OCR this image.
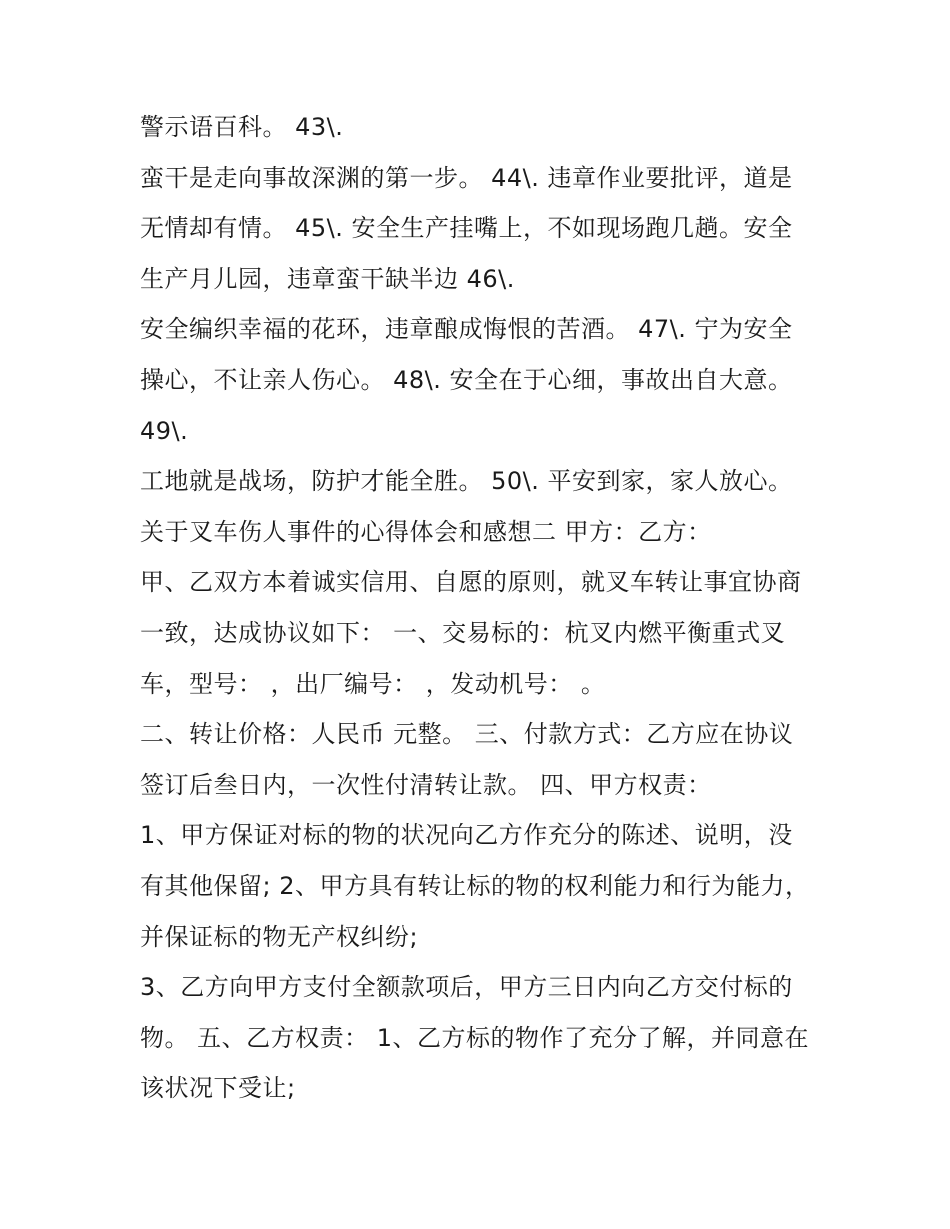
警示语百科。 43\.
蛮干是走向事故深渊的第一步。 44\. 违章作业要批评，道是
无情却有情。 45\. 安全生产挂嘴上，不如现场跑几趟。安全
生产月儿园，违章蛮干缺半边 46\.
安全编织幸福的花环，违章酿成悔恨的苦酒。 47\. 宁为安全
操心，不让亲人伤心。 48\. 安全在于心细，事故出自大意。
49\.
工地就是战场，防护才能全胜。 50\. 平安到家，家人放心。
关于叉车伤人事件的心得体会和感想二 甲方：乙方：
甲、乙双方本着诚实信用、自愿的原则，就叉车转让事宜协商
一致，达成协议如下： 一、交易标的：杭叉内燃平衡重式叉
车，型号： ，出厂编号： ，发动机号： 。
二、转让价格：人民币 元整。 三、付款方式：乙方应在协议
签订后叁日内，一次性付清转让款。 四、甲方权责：
1、甲方保证对标的物的状况向乙方作充分的陈述、说明，没
有其他保留; 2、甲方具有转让标的物的权利能力和行为能力，
并保证标的物无产权纠纷;
3、乙方向甲方支付全额款项后，甲方三日内向乙方交付标的
物。 五、乙方权责： 1、乙方标的物作了充分了解，并同意在
该状况下受让;
